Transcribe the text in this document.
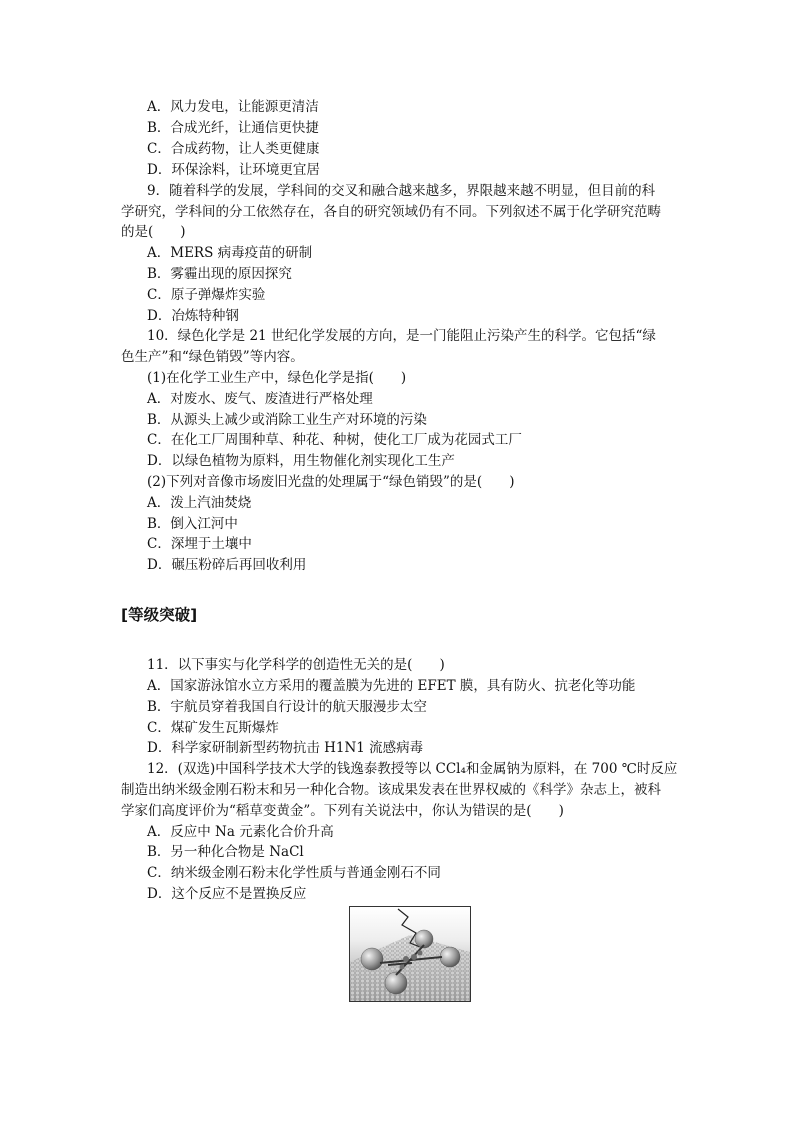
A．风力发电，让能源更清洁
B．合成光纤，让通信更快捷
C．合成药物，让人类更健康
D．环保涂料，让环境更宜居
9．随着科学的发展，学科间的交叉和融合越来越多，界限越来越不明显，但目前的科
学研究，学科间的分工依然存在，各自的研究领域仍有不同。下列叙述不属于化学研究范畴
的是(　　)
A．MERS 病毒疫苗的研制
B．雾霾出现的原因探究
C．原子弹爆炸实验
D．冶炼特种钢
10．绿色化学是 21 世纪化学发展的方向，是一门能阻止污染产生的科学。它包括“绿
色生产”和“绿色销毁”等内容。
(1)在化学工业生产中，绿色化学是指(　　)
A．对废水、废气、废渣进行严格处理
B．从源头上减少或消除工业生产对环境的污染
C．在化工厂周围种草、种花、种树，使化工厂成为花园式工厂
D．以绿色植物为原料，用生物催化剂实现化工生产
(2)下列对音像市场废旧光盘的处理属于“绿色销毁”的是(　　)
A．泼上汽油焚烧
B．倒入江河中
C．深埋于土壤中
D．碾压粉碎后再回收利用
[等级突破]
11．以下事实与化学科学的创造性无关的是(　　)
A．国家游泳馆水立方采用的覆盖膜为先进的 EFET 膜，具有防火、抗老化等功能
B．宇航员穿着我国自行设计的航天服漫步太空
C．煤矿发生瓦斯爆炸
D．科学家研制新型药物抗击 H1N1 流感病毒
12．(双选)中国科学技术大学的钱逸泰教授等以 CCl₄和金属钠为原料，在 700 ℃时反应
制造出纳米级金刚石粉末和另一种化合物。该成果发表在世界权威的《科学》杂志上，被科
学家们高度评价为“稻草变黄金”。下列有关说法中，你认为错误的是(　　)
A．反应中 Na 元素化合价升高
B．另一种化合物是 NaCl
C．纳米级金刚石粉末化学性质与普通金刚石不同
D．这个反应不是置换反应
